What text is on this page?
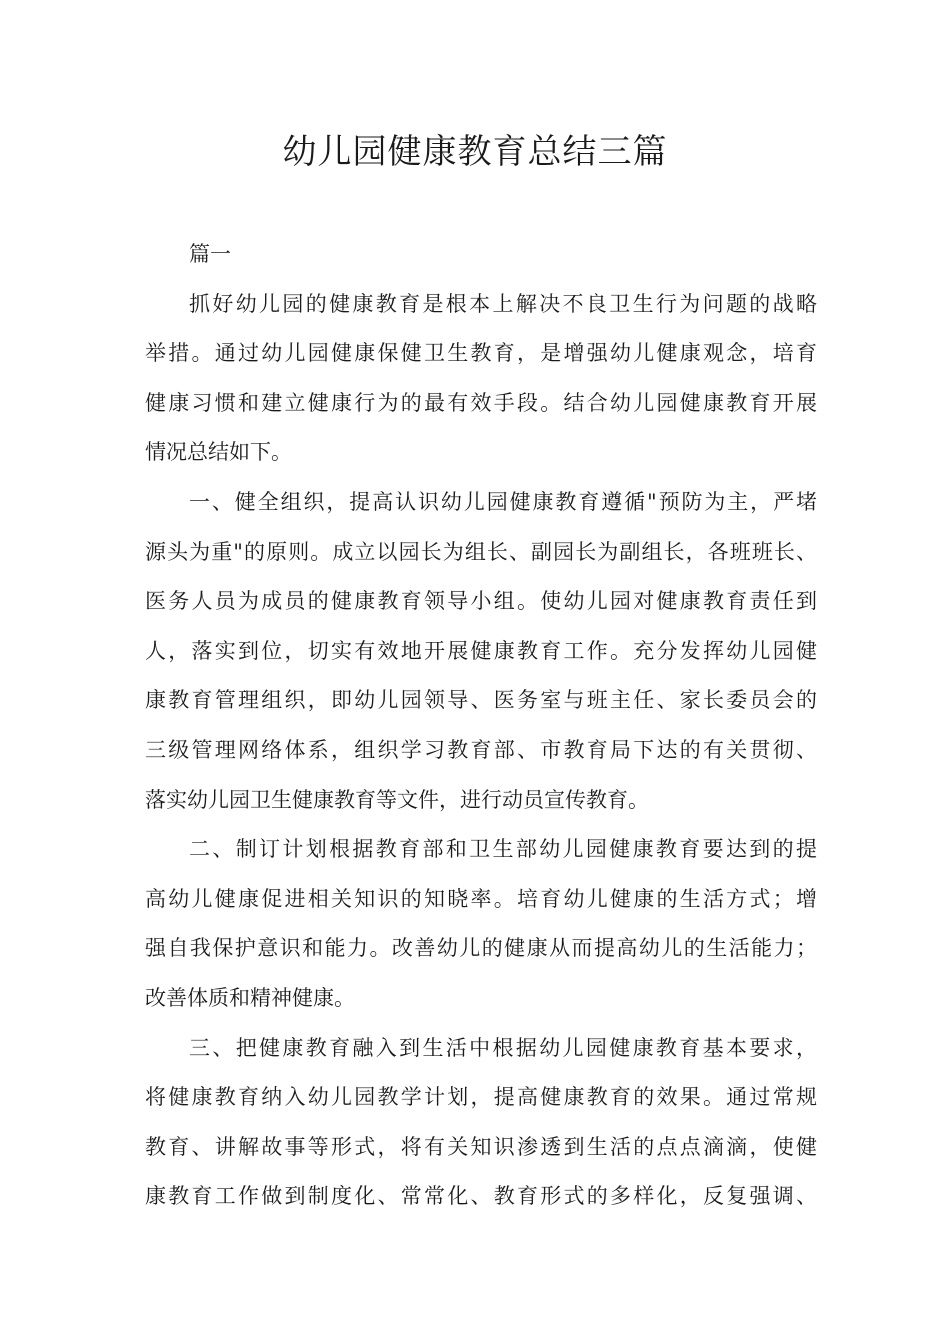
幼儿园健康教育总结三篇

篇一

抓好幼儿园的健康教育是根本上解决不良卫生行为问题的战略
举措。通过幼儿园健康保健卫生教育，是增强幼儿健康观念，培育
健康习惯和建立健康行为的最有效手段。结合幼儿园健康教育开展
情况总结如下。

一、健全组织，提高认识幼儿园健康教育遵循"预防为主，严堵
源头为重"的原则。成立以园长为组长、副园长为副组长，各班班长、
医务人员为成员的健康教育领导小组。使幼儿园对健康教育责任到
人，落实到位，切实有效地开展健康教育工作。充分发挥幼儿园健
康教育管理组织，即幼儿园领导、医务室与班主任、家长委员会的
三级管理网络体系，组织学习教育部、市教育局下达的有关贯彻、
落实幼儿园卫生健康教育等文件，进行动员宣传教育。

二、制订计划根据教育部和卫生部幼儿园健康教育要达到的提
高幼儿健康促进相关知识的知晓率。培育幼儿健康的生活方式；增
强自我保护意识和能力。改善幼儿的健康从而提高幼儿的生活能力；
改善体质和精神健康。

三、把健康教育融入到生活中根据幼儿园健康教育基本要求，
将健康教育纳入幼儿园教学计划，提高健康教育的效果。通过常规
教育、讲解故事等形式，将有关知识渗透到生活的点点滴滴，使健
康教育工作做到制度化、常常化、教育形式的多样化，反复强调、
